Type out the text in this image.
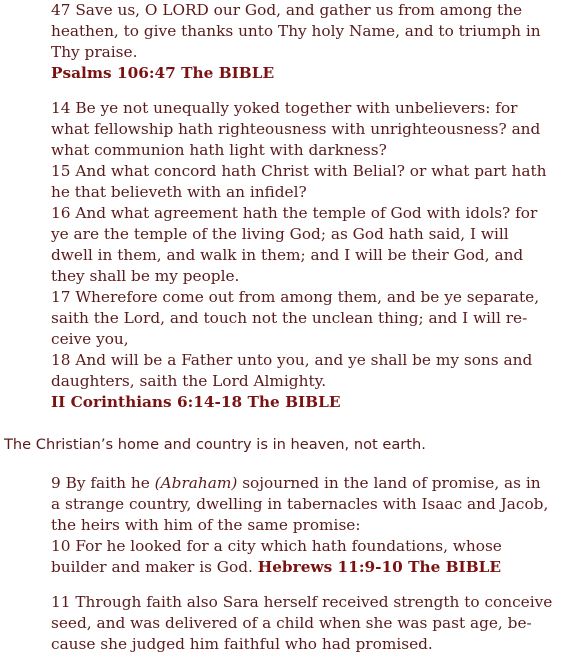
47 Save us, O LORD our God, and gather us from among the
heathen, to give thanks unto Thy holy Name, and to triumph in
Thy praise.
Psalms 106:47 The BIBLE
14 Be ye not unequally yoked together with unbelievers: for
what fellowship hath righteousness with unrighteousness? and
what communion hath light with darkness?
15 And what concord hath Christ with Belial? or what part hath
he that believeth with an infidel?
16 And what agreement hath the temple of God with idols? for
ye are the temple of the living God; as God hath said, I will
dwell in them, and walk in them; and I will be their God, and
they shall be my people.
17 Wherefore come out from among them, and be ye separate,
saith the Lord, and touch not the unclean thing; and I will re-
ceive you,
18 And will be a Father unto you, and ye shall be my sons and
daughters, saith the Lord Almighty.
II Corinthians 6:14-18 The BIBLE
The Christian’s home and country is in heaven, not earth.
9 By faith he (Abraham) sojourned in the land of promise, as in
a strange country, dwelling in tabernacles with Isaac and Jacob,
the heirs with him of the same promise:
10 For he looked for a city which hath foundations, whose
builder and maker is God. Hebrews 11:9-10 The BIBLE
11 Through faith also Sara herself received strength to conceive
seed, and was delivered of a child when she was past age, be-
cause she judged him faithful who had promised.
